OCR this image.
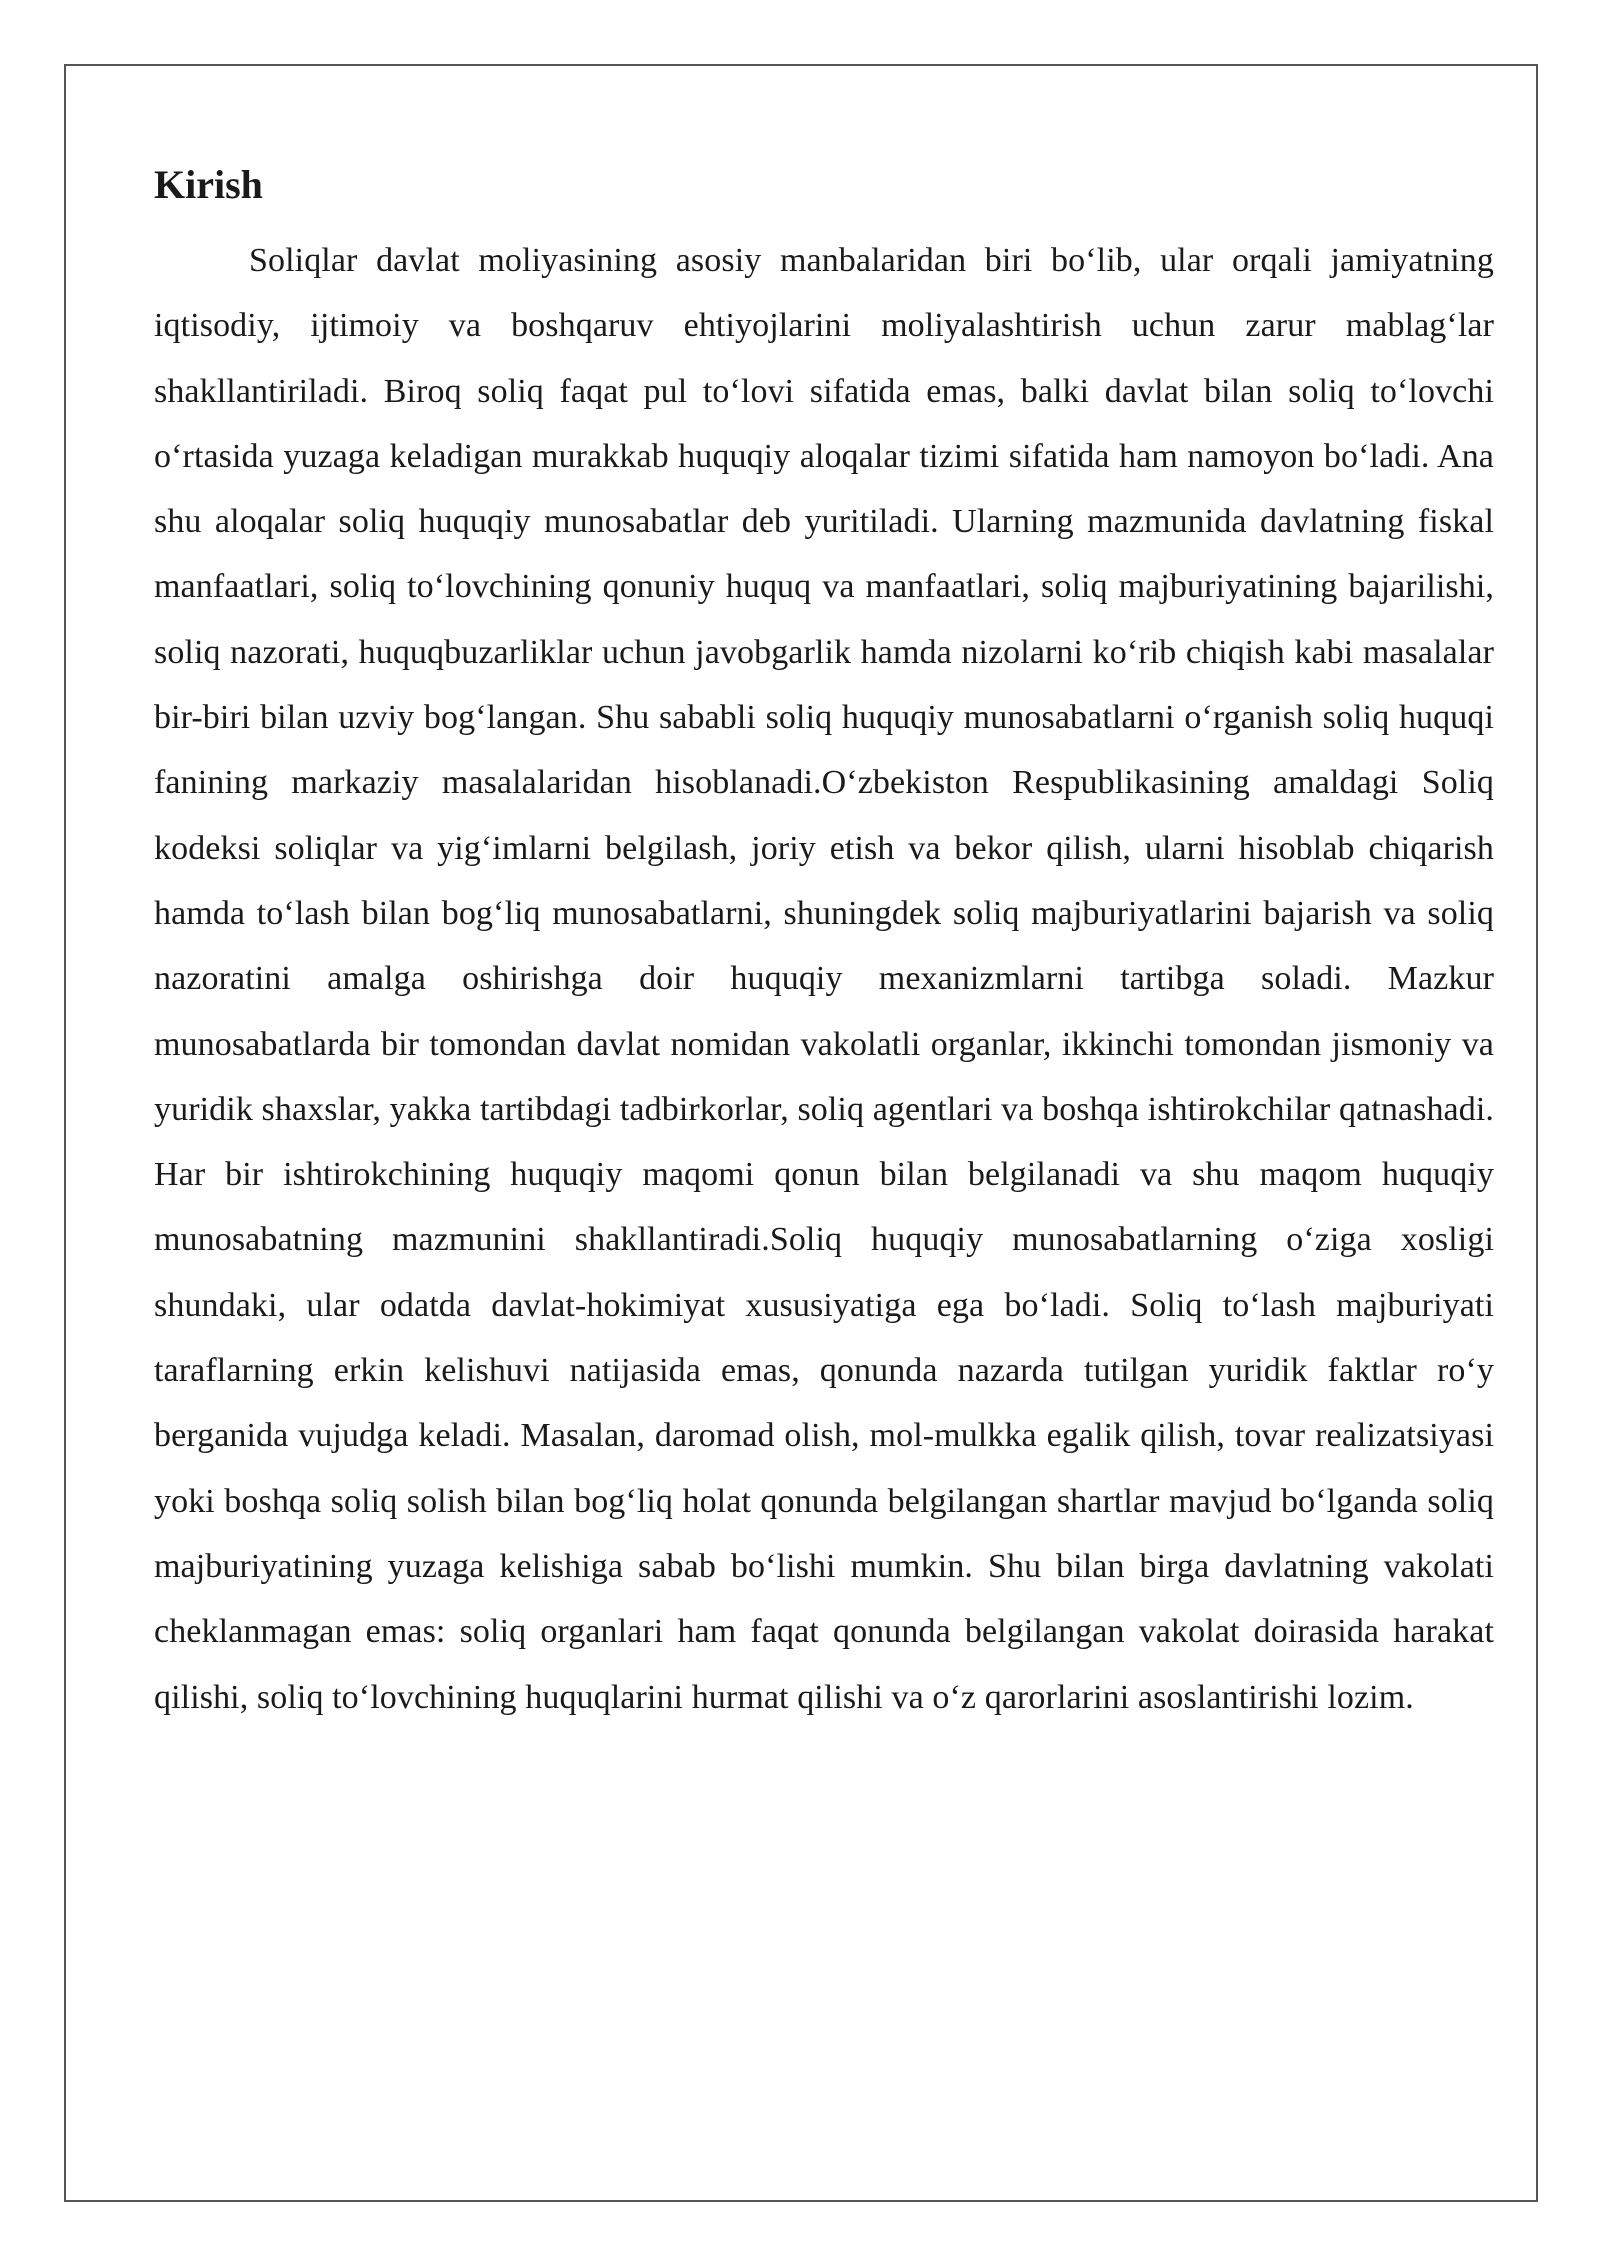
Kirish

Soliqlar davlat moliyasining asosiy manbalaridan biri bo‘lib, ular orqali jamiyatning iqtisodiy, ijtimoiy va boshqaruv ehtiyojlarini moliyalashtirish uchun zarur mablag‘lar shakllantiriladi. Biroq soliq faqat pul to‘lovi sifatida emas, balki davlat bilan soliq to‘lovchi o‘rtasida yuzaga keladigan murakkab huquqiy aloqalar tizimi sifatida ham namoyon bo‘ladi. Ana shu aloqalar soliq huquqiy munosabatlar deb yuritiladi. Ularning mazmunida davlatning fiskal manfaatlari, soliq to‘lovchining qonuniy huquq va manfaatlari, soliq majburiyatining bajarilishi, soliq nazorati, huquqbuzarliklar uchun javobgarlik hamda nizolarni ko‘rib chiqish kabi masalalar bir-biri bilan uzviy bog‘langan. Shu sababli soliq huquqiy munosabatlarni o‘rganish soliq huquqi fanining markaziy masalalaridan hisoblanadi.O‘zbekiston Respublikasining amaldagi Soliq kodeksi soliqlar va yig‘imlarni belgilash, joriy etish va bekor qilish, ularni hisoblab chiqarish hamda to‘lash bilan bog‘liq munosabatlarni, shuningdek soliq majburiyatlarini bajarish va soliq nazoratini amalga oshirishga doir huquqiy mexanizmlarni tartibga soladi. Mazkur munosabatlarda bir tomondan davlat nomidan vakolatli organlar, ikkinchi tomondan jismoniy va yuridik shaxslar, yakka tartibdagi tadbirkorlar, soliq agentlari va boshqa ishtirokchilar qatnashadi. Har bir ishtirokchining huquqiy maqomi qonun bilan belgilanadi va shu maqom huquqiy munosabatning mazmunini shakllantiradi.Soliq huquqiy munosabatlarning o‘ziga xosligi shundaki, ular odatda davlat-hokimiyat xususiyatiga ega bo‘ladi. Soliq to‘lash majburiyati taraflarning erkin kelishuvi natijasida emas, qonunda nazarda tutilgan yuridik faktlar ro‘y berganida vujudga keladi. Masalan, daromad olish, mol-mulkka egalik qilish, tovar realizatsiyasi yoki boshqa soliq solish bilan bog‘liq holat qonunda belgilangan shartlar mavjud bo‘lganda soliq majburiyatining yuzaga kelishiga sabab bo‘lishi mumkin. Shu bilan birga davlatning vakolati cheklanmagan emas: soliq organlari ham faqat qonunda belgilangan vakolat doirasida harakat qilishi, soliq to‘lovchining huquqlarini hurmat qilishi va o‘z qarorlarini asoslantirishi lozim.
